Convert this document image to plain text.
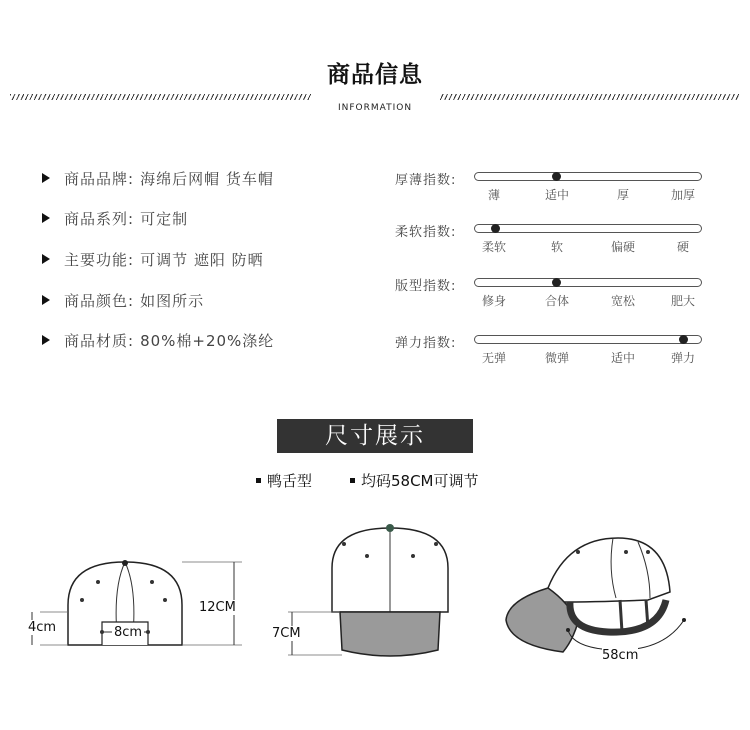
商品信息
INFORMATION
商品品牌: 海绵后网帽 货车帽
商品系列: 可定制
主要功能: 可调节 遮阳 防晒
商品颜色: 如图所示
商品材质: 80%棉+20%涤纶
厚薄指数:
薄	适中	厚	加厚
柔软指数:
柔软	软	偏硬	硬
版型指数:
修身	合体	宽松	肥大
弹力指数:
无弹	微弹	适中	弹力
尺寸展示
鸭舌型	均码58CM可调节
4cm
12CM
8cm	7CM
58cm
